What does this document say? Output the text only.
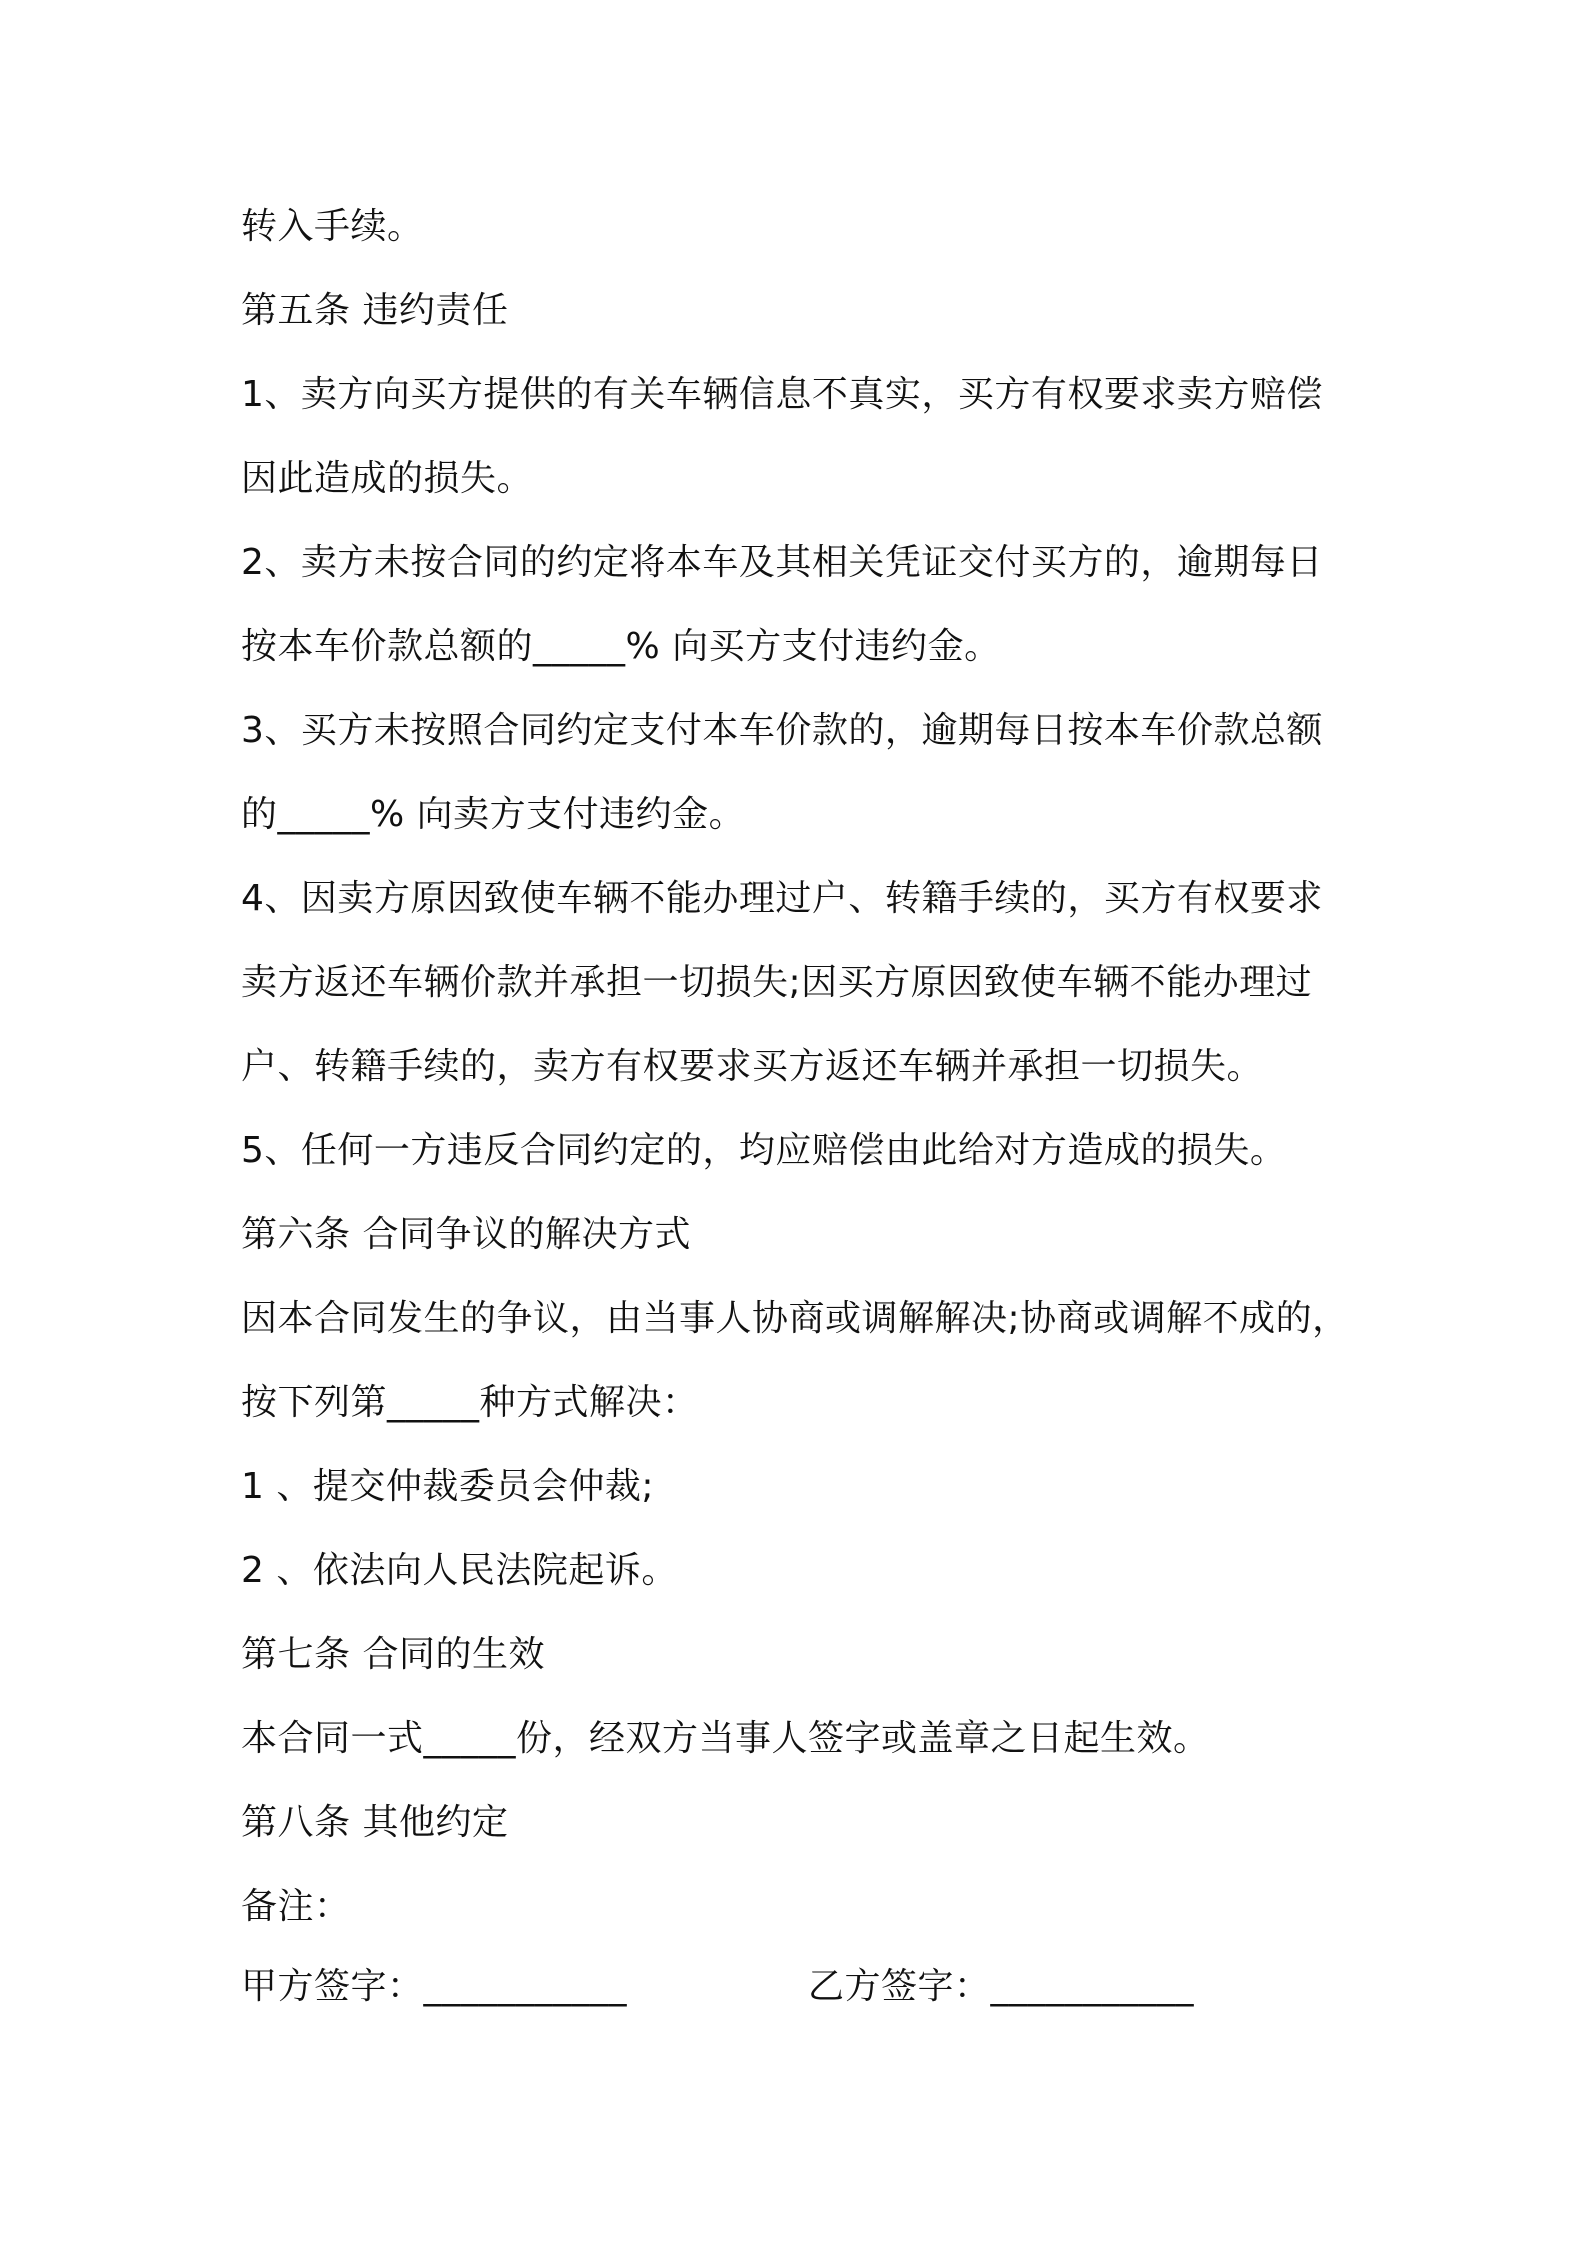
转入手续。
第五条 违约责任
1、卖方向买方提供的有关车辆信息不真实，买方有权要求卖方赔偿
因此造成的损失。
2、卖方未按合同的约定将本车及其相关凭证交付买方的，逾期每日
按本车价款总额的_____% 向买方支付违约金。
3、买方未按照合同约定支付本车价款的，逾期每日按本车价款总额
的_____% 向卖方支付违约金。
4、因卖方原因致使车辆不能办理过户、转籍手续的，买方有权要求
卖方返还车辆价款并承担一切损失;因买方原因致使车辆不能办理过
户、转籍手续的，卖方有权要求买方返还车辆并承担一切损失。
5、任何一方违反合同约定的，均应赔偿由此给对方造成的损失。
第六条 合同争议的解决方式
因本合同发生的争议，由当事人协商或调解解决;协商或调解不成的，
按下列第_____种方式解决：
1 、提交仲裁委员会仲裁;
2 、依法向人民法院起诉。
第七条 合同的生效
本合同一式_____份，经双方当事人签字或盖章之日起生效。
第八条 其他约定
备注：
甲方签字：___________	乙方签字：___________
